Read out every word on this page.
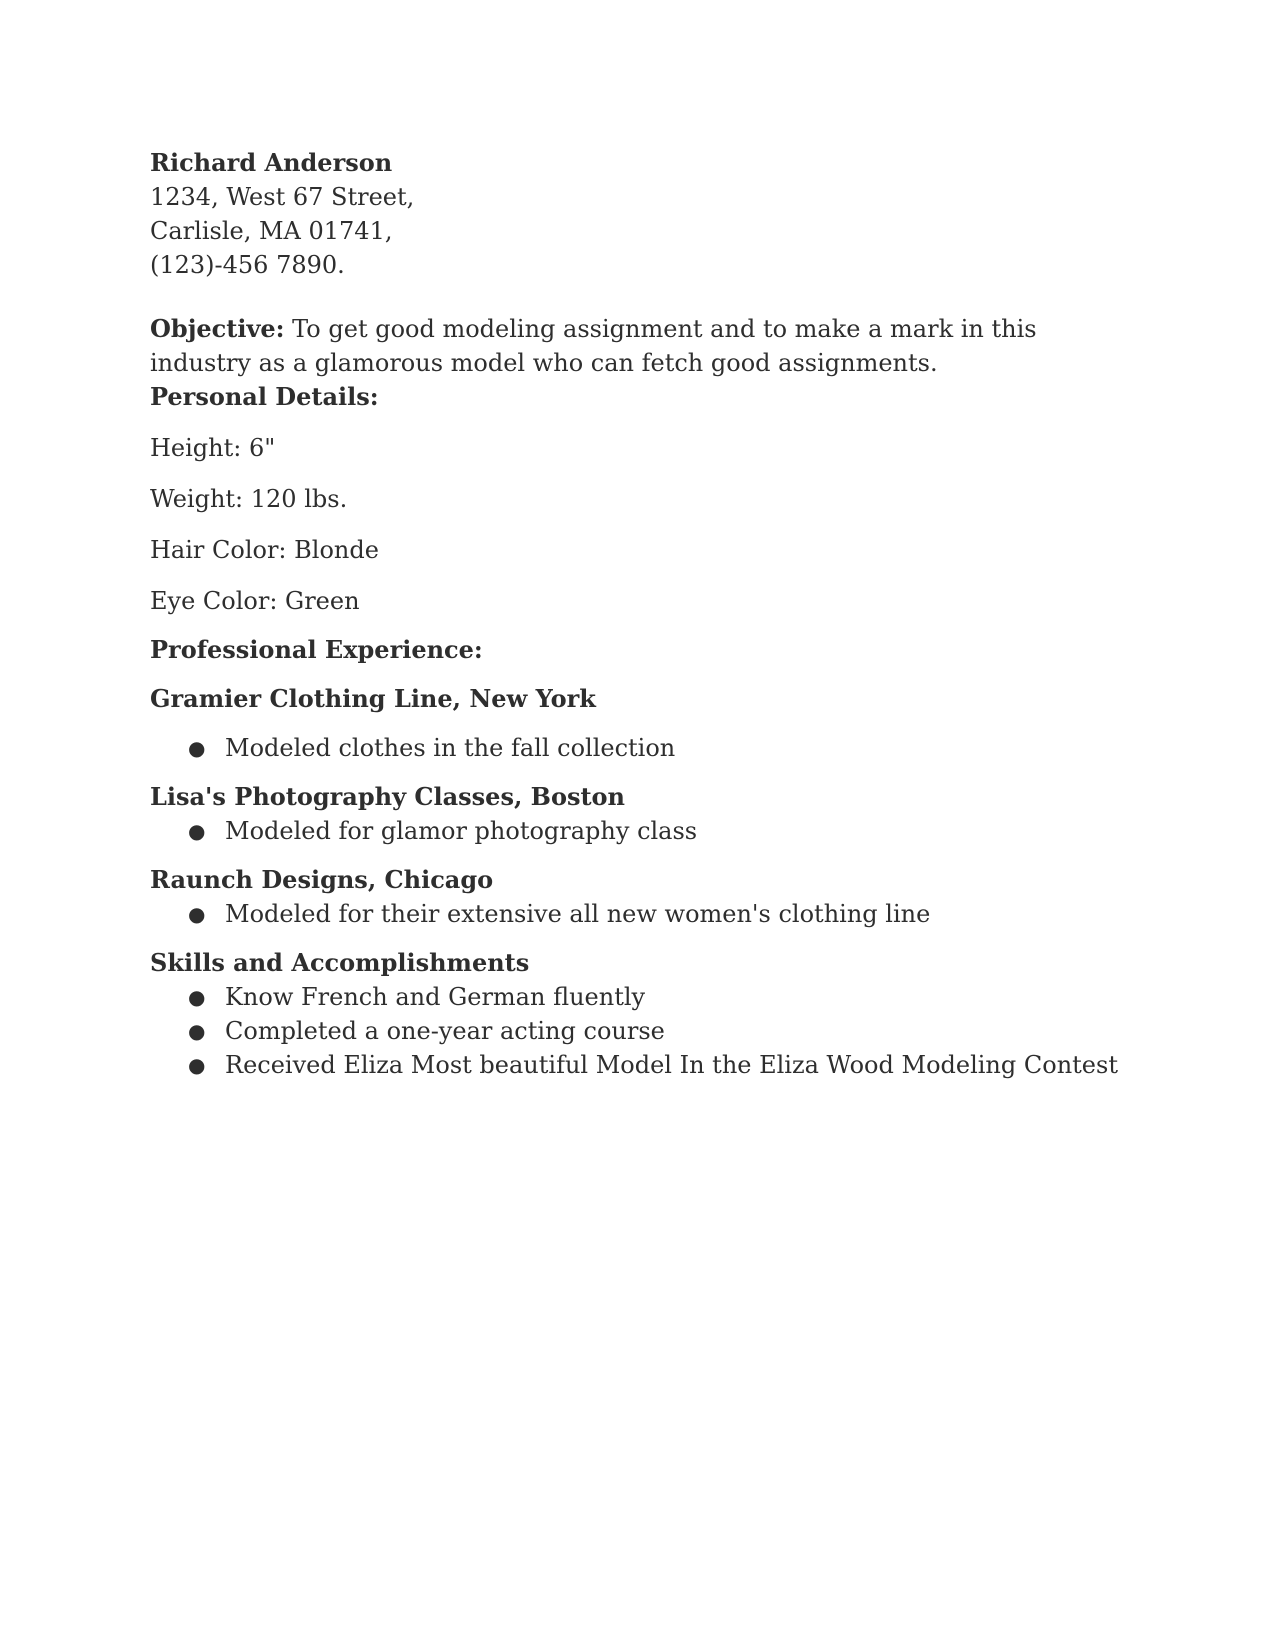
Richard Anderson
1234, West 67 Street,
Carlisle, MA 01741,
(123)-456 7890.
Objective: To get good modeling assignment and to make a mark in this industry as a glamorous model who can fetch good assignments.
Personal Details:
Height: 6"
Weight: 120 lbs.
Hair Color: Blonde
Eye Color: Green
Professional Experience:
Gramier Clothing Line, New York
● Modeled clothes in the fall collection
Lisa's Photography Classes, Boston
● Modeled for glamor photography class
Raunch Designs, Chicago
● Modeled for their extensive all new women's clothing line
Skills and Accomplishments
● Know French and German fluently
● Completed a one-year acting course
● Received Eliza Most beautiful Model In the Eliza Wood Modeling Contest
